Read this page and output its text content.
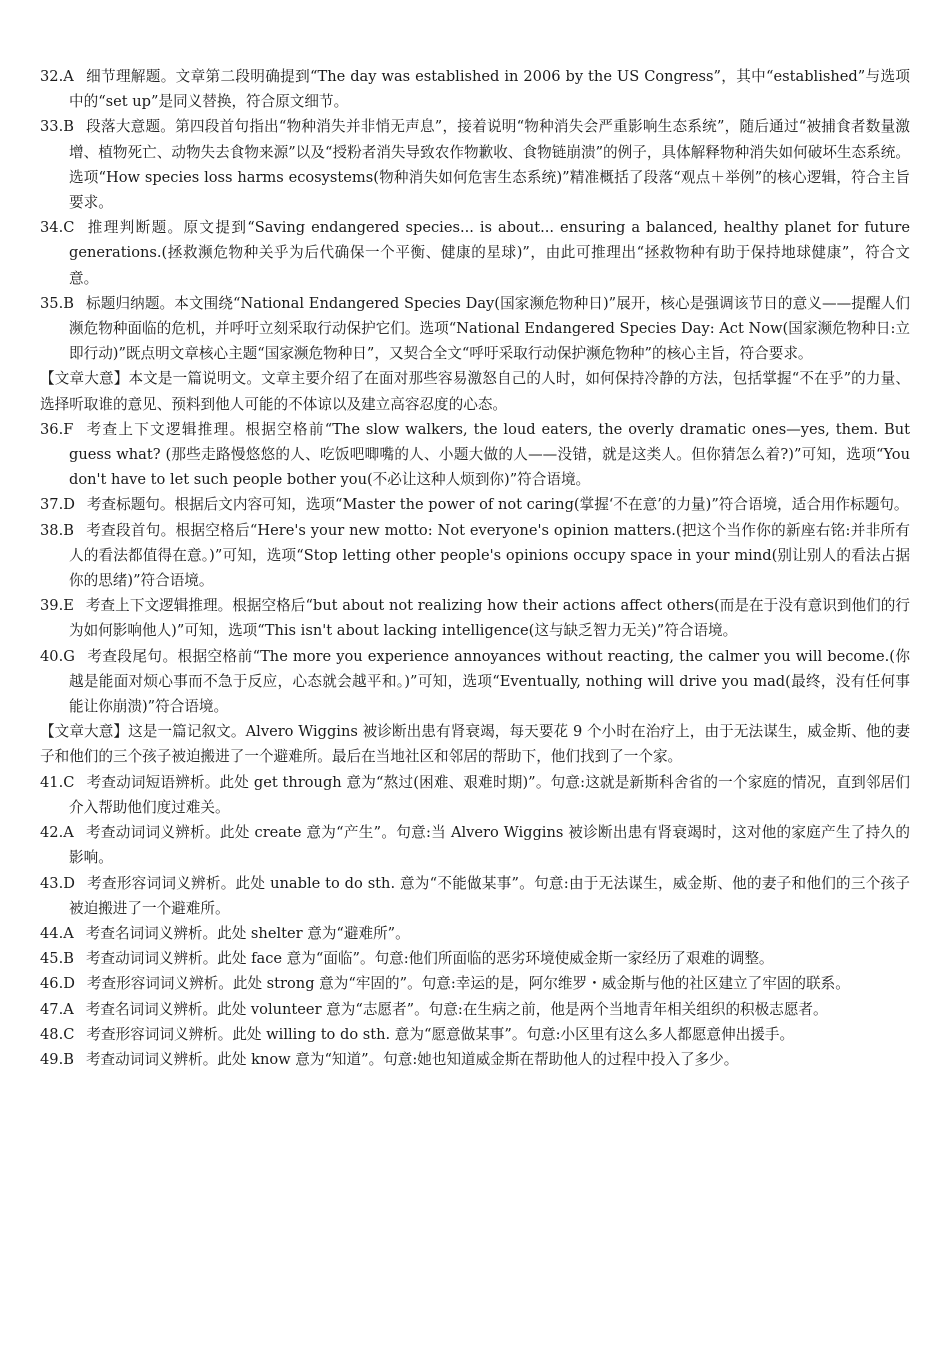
32.A 细节理解题。文章第二段明确提到“The day was established in 2006 by the US Congress”，其中“established”与选项中的“set up”是同义替换，符合原文细节。

33.B 段落大意题。第四段首句指出“物种消失并非悄无声息”，接着说明“物种消失会严重影响生态系统”，随后通过“被捕食者数量激增、植物死亡、动物失去食物来源”以及“授粉者消失导致农作物歉收、食物链崩溃”的例子，具体解释物种消失如何破坏生态系统。选项“How species loss harms ecosystems(物种消失如何危害生态系统)”精准概括了段落“观点＋举例”的核心逻辑，符合主旨要求。

34.C 推理判断题。原文提到“Saving endangered species... is about... ensuring a balanced, healthy planet for future generations.(拯救濒危物种关乎为后代确保一个平衡、健康的星球)”，由此可推理出“拯救物种有助于保持地球健康”，符合文意。

35.B 标题归纳题。本文围绕“National Endangered Species Day(国家濒危物种日)”展开，核心是强调该节日的意义——提醒人们濒危物种面临的危机，并呼吁立刻采取行动保护它们。选项“National Endangered Species Day: Act Now(国家濒危物种日:立即行动)”既点明文章核心主题“国家濒危物种日”，又契合全文“呼吁采取行动保护濒危物种”的核心主旨，符合要求。

【文章大意】本文是一篇说明文。文章主要介绍了在面对那些容易激怒自己的人时，如何保持冷静的方法，包括掌握“不在乎”的力量、选择听取谁的意见、预料到他人可能的不体谅以及建立高容忍度的心态。

36.F 考查上下文逻辑推理。根据空格前“The slow walkers, the loud eaters, the overly dramatic ones—yes, them. But guess what? (那些走路慢悠悠的人、吃饭吧唧嘴的人、小题大做的人——没错，就是这类人。但你猜怎么着?)”可知，选项“You don't have to let such people bother you(不必让这种人烦到你)”符合语境。

37.D 考查标题句。根据后文内容可知，选项“Master the power of not caring(掌握‘不在意’的力量)”符合语境，适合用作标题句。

38.B 考查段首句。根据空格后“Here's your new motto: Not everyone's opinion matters.(把这个当作你的新座右铭:并非所有人的看法都值得在意。)”可知，选项“Stop letting other people's opinions occupy space in your mind(别让别人的看法占据你的思绪)”符合语境。

39.E 考查上下文逻辑推理。根据空格后“but about not realizing how their actions affect others(而是在于没有意识到他们的行为如何影响他人)”可知，选项“This isn't about lacking intelligence(这与缺乏智力无关)”符合语境。

40.G 考查段尾句。根据空格前“The more you experience annoyances without reacting, the calmer you will become.(你越是能面对烦心事而不急于反应，心态就会越平和。)”可知，选项“Eventually, nothing will drive you mad(最终，没有任何事能让你崩溃)”符合语境。

【文章大意】这是一篇记叙文。Alvero Wiggins 被诊断出患有肾衰竭，每天要花 9 个小时在治疗上，由于无法谋生，威金斯、他的妻子和他们的三个孩子被迫搬进了一个避难所。最后在当地社区和邻居的帮助下，他们找到了一个家。

41.C 考查动词短语辨析。此处 get through 意为“熬过(困难、艰难时期)”。句意:这就是新斯科舍省的一个家庭的情况，直到邻居们介入帮助他们度过难关。

42.A 考查动词词义辨析。此处 create 意为“产生”。句意:当 Alvero Wiggins 被诊断出患有肾衰竭时，这对他的家庭产生了持久的影响。

43.D 考查形容词词义辨析。此处 unable to do sth. 意为“不能做某事”。句意:由于无法谋生，威金斯、他的妻子和他们的三个孩子被迫搬进了一个避难所。

44.A 考查名词词义辨析。此处 shelter 意为“避难所”。

45.B 考查动词词义辨析。此处 face 意为“面临”。句意:他们所面临的恶劣环境使威金斯一家经历了艰难的调整。

46.D 考查形容词词义辨析。此处 strong 意为“牢固的”。句意:幸运的是，阿尔维罗・威金斯与他的社区建立了牢固的联系。

47.A 考查名词词义辨析。此处 volunteer 意为“志愿者”。句意:在生病之前，他是两个当地青年相关组织的积极志愿者。

48.C 考查形容词词义辨析。此处 willing to do sth. 意为“愿意做某事”。句意:小区里有这么多人都愿意伸出援手。

49.B 考查动词词义辨析。此处 know 意为“知道”。句意:她也知道威金斯在帮助他人的过程中投入了多少。
